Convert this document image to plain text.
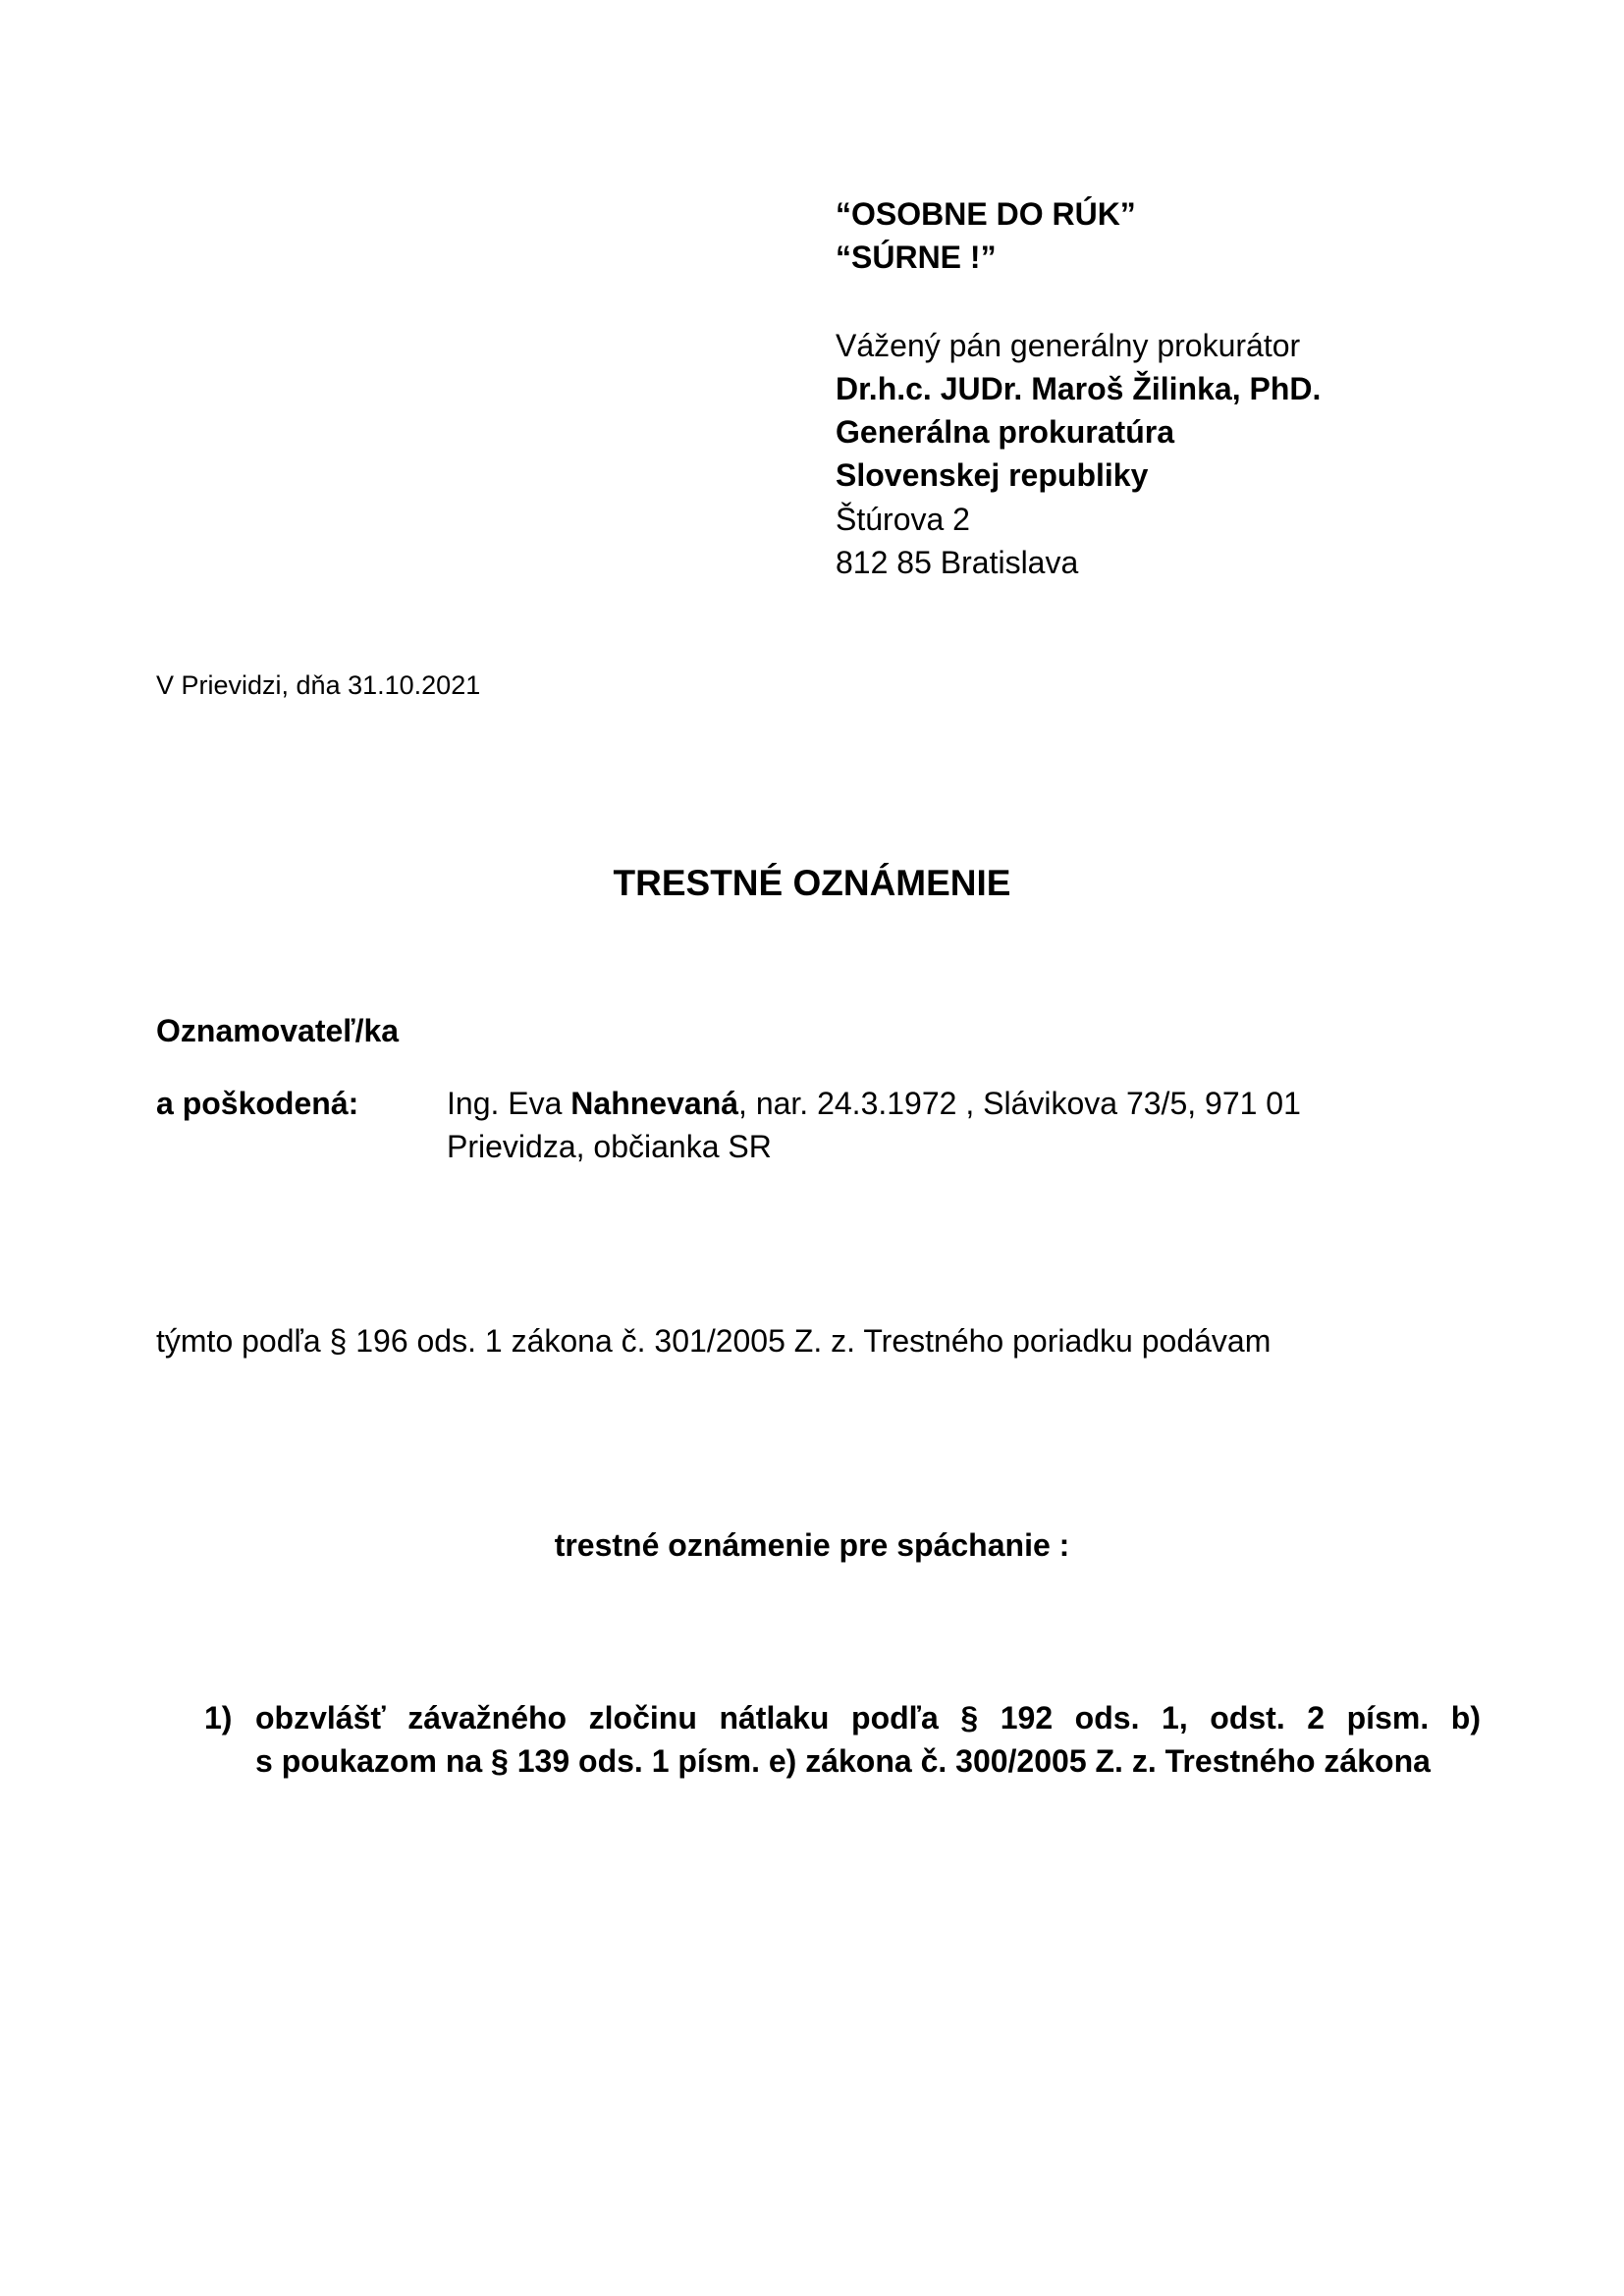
“OSOBNE DO RÚK”
“SÚRNE !”
Vážený pán generálny prokurátor
Dr.h.c. JUDr. Maroš Žilinka, PhD.
Generálna prokuratúra
Slovenskej republiky
Štúrova 2
812 85 Bratislava
V Prievidzi, dňa 31.10.2021
TRESTNÉ OZNÁMENIE
Oznamovateľ/ka
a poškodená:	Ing. Eva Nahnevaná, nar. 24.3.1972 , Slávikova 73/5, 971 01
Prievidza, občianka SR
týmto podľa § 196 ods. 1 zákona č. 301/2005 Z. z. Trestného poriadku podávam
trestné oznámenie pre spáchanie :
1) obzvlášť závažného zločinu nátlaku podľa § 192 ods. 1, odst. 2 písm. b)
s poukazom na § 139 ods. 1 písm. e) zákona č. 300/2005 Z. z. Trestného zákona
